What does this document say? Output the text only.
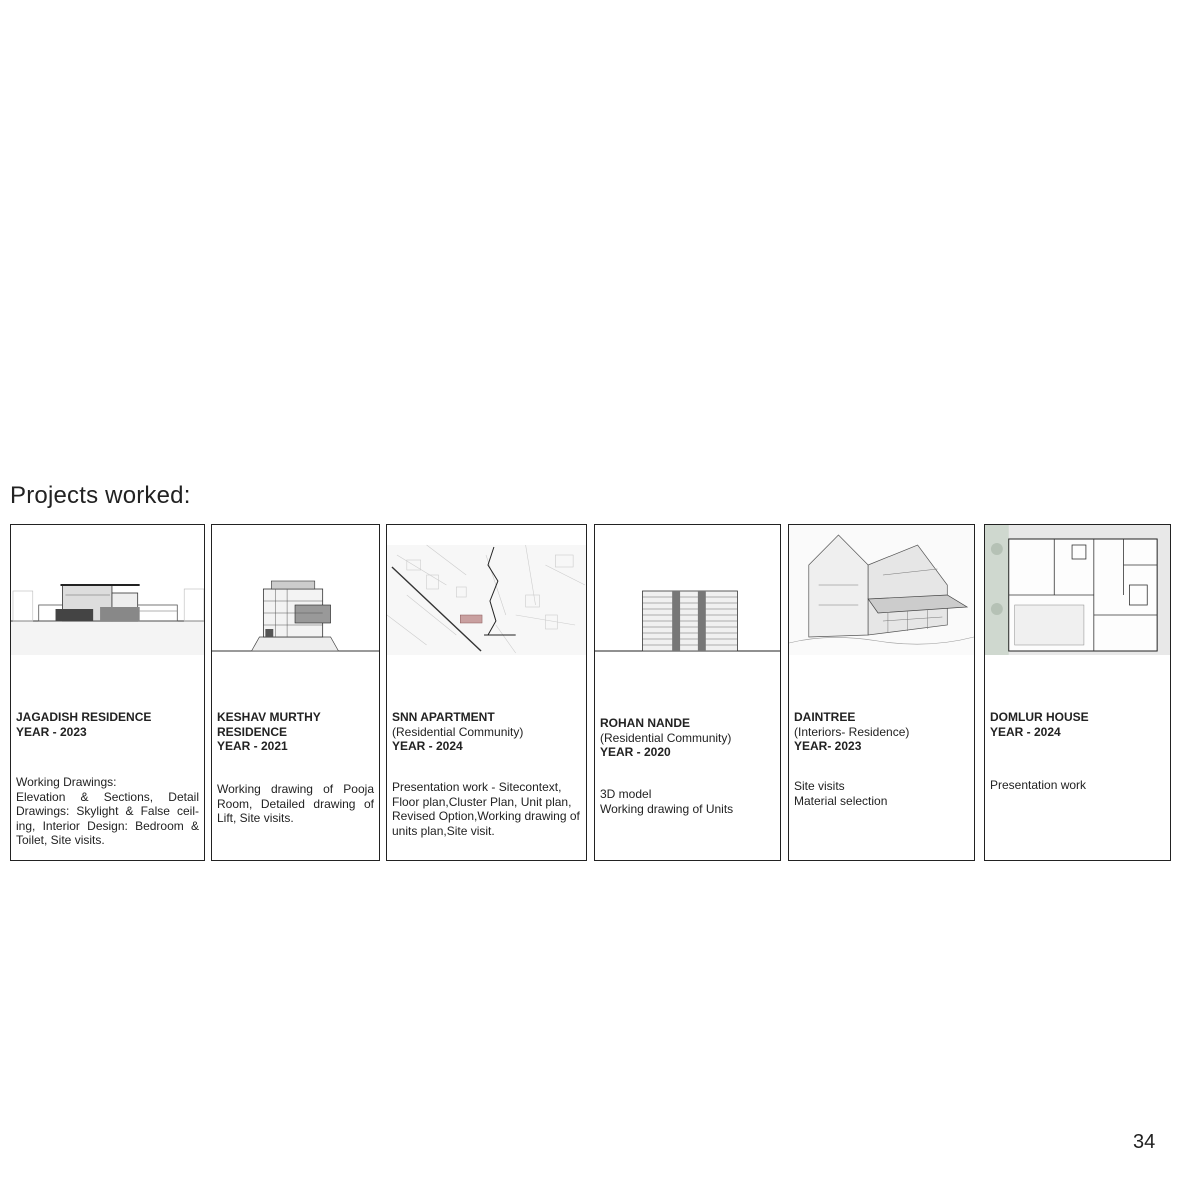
Projects worked:
JAGADISH RESIDENCE
YEAR - 2023
Working Drawings:
Elevation & Sections, Detail Drawings: Skylight & False ceil-ing, Interior Design: Bedroom & Toilet, Site visits.
KESHAV MURTHY
RESIDENCE
YEAR - 2021
Working drawing of Pooja Room, Detailed drawing of Lift, Site visits.
SNN APARTMENT
(Residential Community)
YEAR - 2024
Presentation work - Sitecontext, Floor plan,Cluster Plan, Unit plan, Revised Option,Working drawing of units plan,Site visit.
ROHAN NANDE
(Residential Community)
YEAR - 2020
3D model
Working drawing of Units
DAINTREE
(Interiors- Residence)
YEAR- 2023
Site visits
Material selection
DOMLUR HOUSE
YEAR - 2024
Presentation work
34
